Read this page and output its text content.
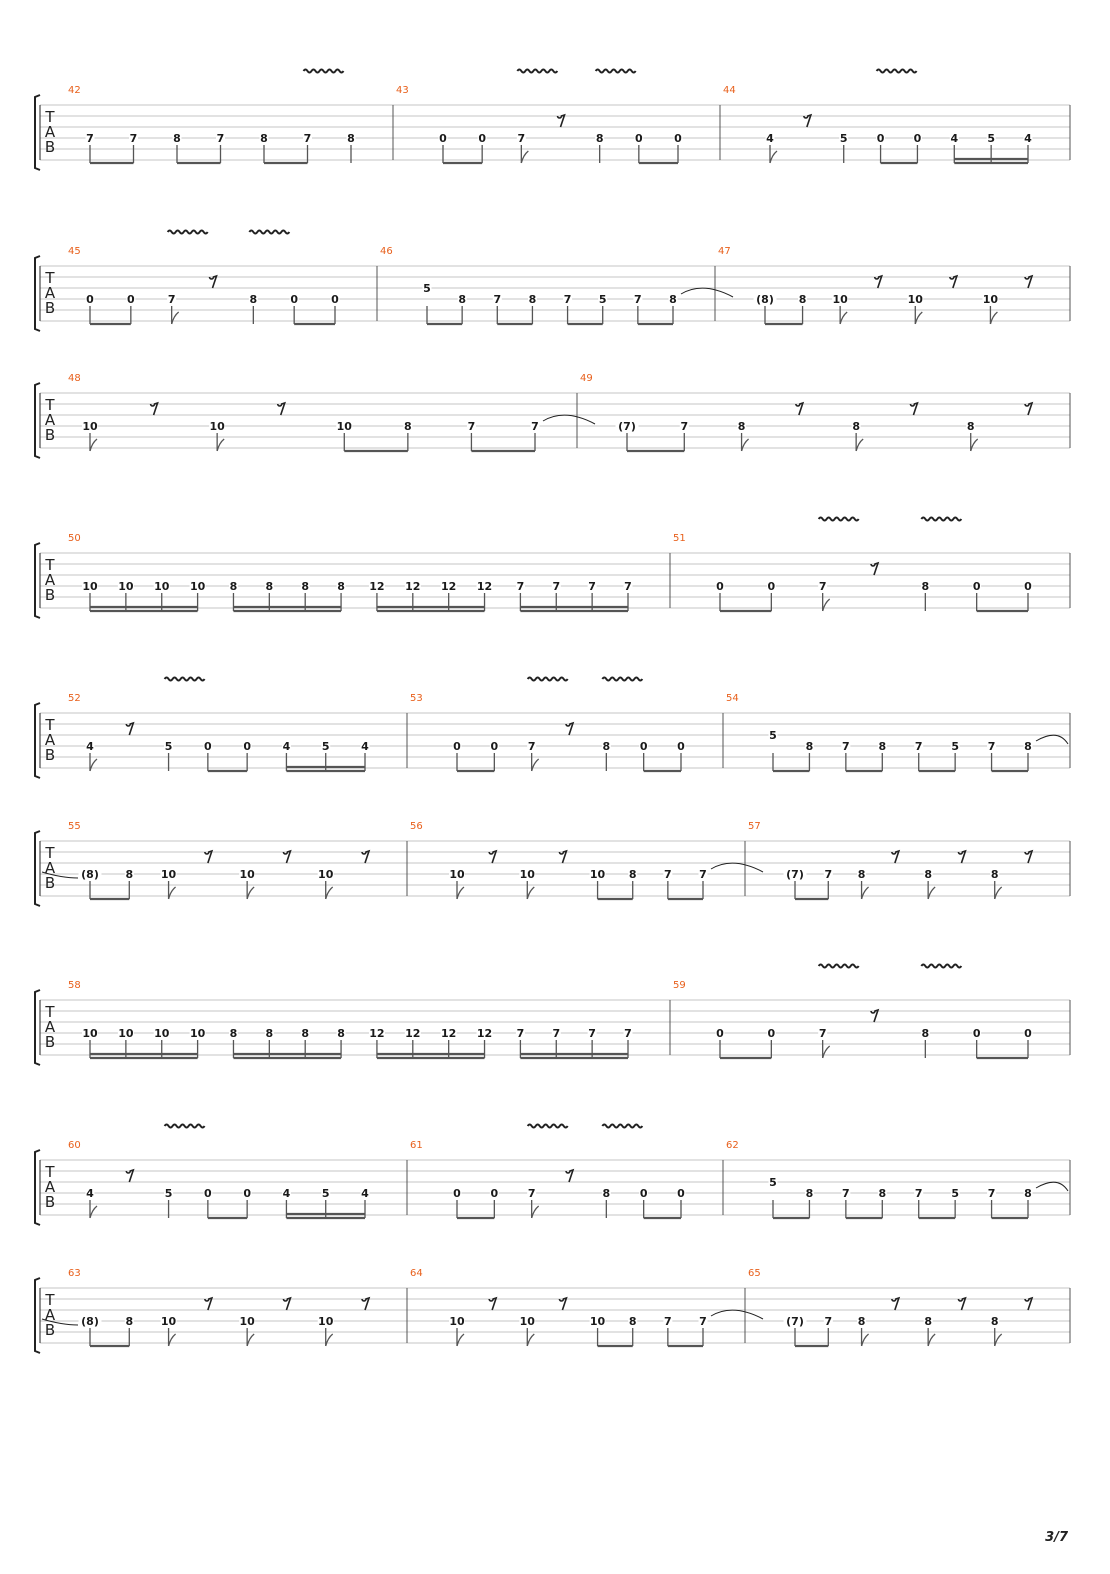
T
A
B
42
7	7	8	7	8	7	8
43
0	0	7	8	0	0
44
4	5	0	0	4	5	4
T
A
B
45
0	0	7	8	0	0
46
5
8 7 8 7 5 7 8
47
(8) 8 10	10	10
T
A
B
48
10	10	10	8	7	7
49
(7)	7	8	8	8
T
A
B
50
10 10 10 10 8	8	8	8 12 12 12 12 7	7	7	7
51
0	0	7	8	0	0
T
A
B
52
4	5	0	0	4	5	4
53
0	0	7	8	0	0
54
5
8	7	8	7	5	7	8
T
A
B
55
(8) 8	10	10	10
56
10	10	10 8 7 7
57
(7) 7 8	8	8
T
A
B
58
10 10 10 10 8	8	8	8 12 12 12 12 7	7	7	7
59
0	0	7	8	0	0
T
A
B
60
4	5	0	0	4	5	4
61
0	0	7	8	0	0
62
5
8	7	8	7	5	7	8
T
A
B
63
(8) 8	10	10	10
64
10	10	10 8 7 7
65
(7) 7 8	8	8
3/7
